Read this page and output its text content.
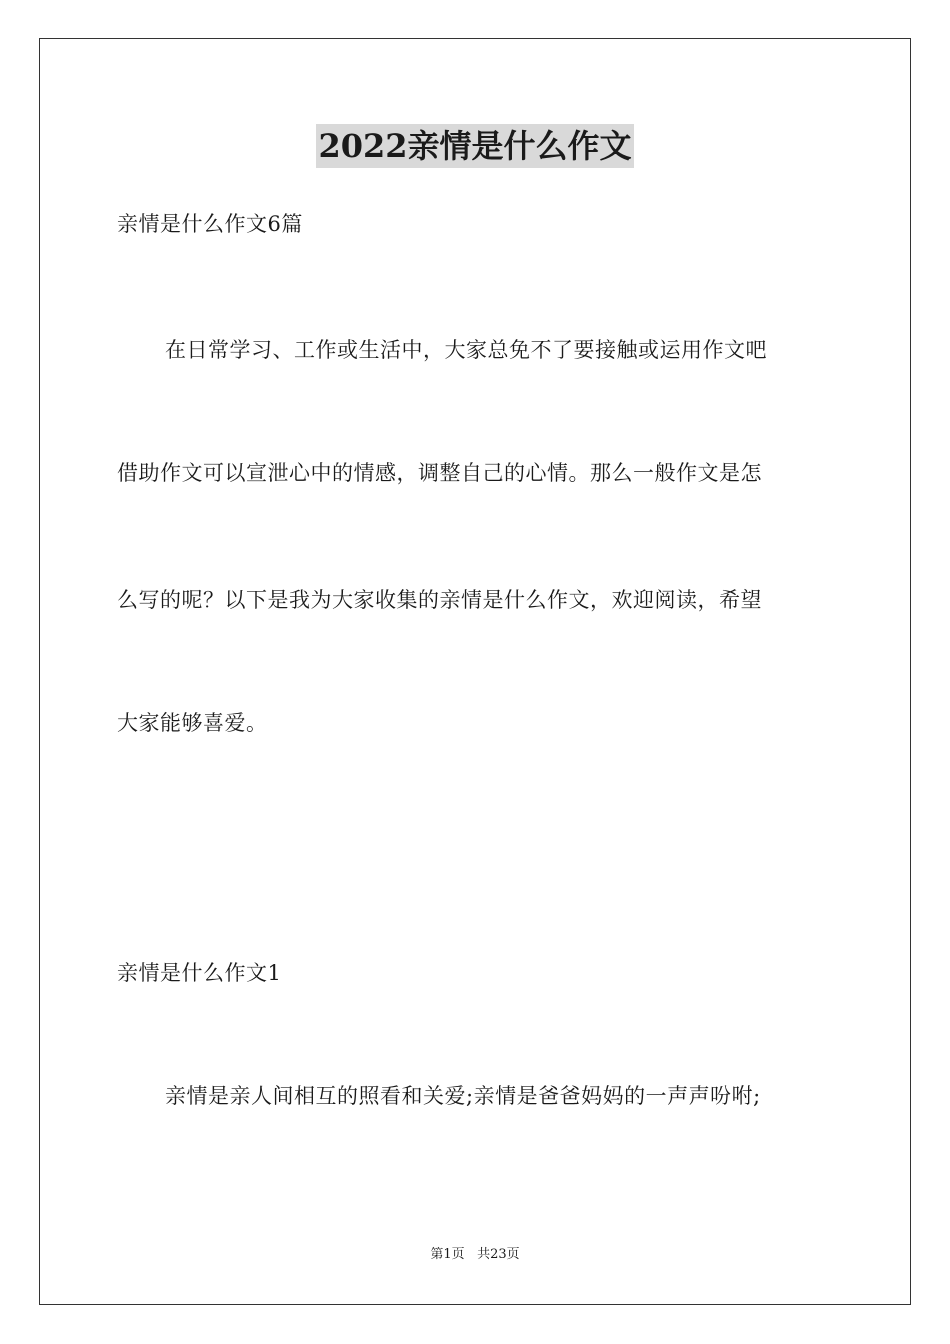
2022亲情是什么作文
亲情是什么作文6篇
在日常学习、工作或生活中，大家总免不了要接触或运用作文吧
借助作文可以宣泄心中的情感，调整自己的心情。那么一般作文是怎
么写的呢？以下是我为大家收集的亲情是什么作文，欢迎阅读，希望
大家能够喜爱。
亲情是什么作文1
亲情是亲人间相互的照看和关爱;亲情是爸爸妈妈的一声声吩咐;
第1页 共23页
